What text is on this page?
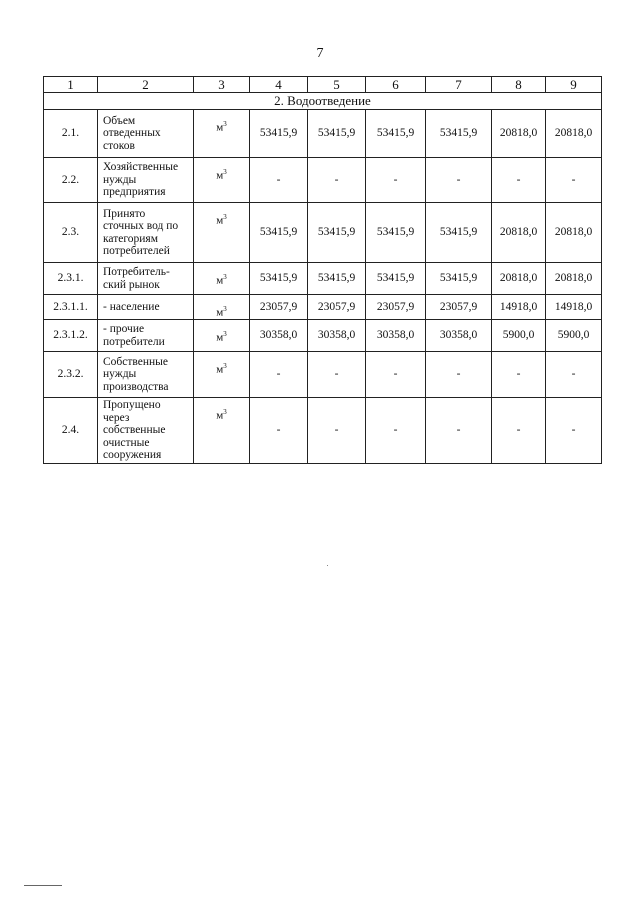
7
1	2	3	4	5	6	7	8	9
2. Водоотведение								
2.1.	Объем
отведенных
стоков	$м^3$	53415,9	53415,9	53415,9	53415,9	20818,0	20818,0
2.2.	Хозяйственные
нужды
предприятия	$м^3$	-	-	-	-	-	-
2.3.	Принято
сточных вод по
категориям
потребителей	$м^3$	53415,9	53415,9	53415,9	53415,9	20818,0	20818,0
2.3.1.	Потребитель-
ский рынок	$м^3$	53415,9	53415,9	53415,9	53415,9	20818,0	20818,0
2.3.1.1.	- население	$м^3$	23057,9	23057,9	23057,9	23057,9	14918,0	14918,0
2.3.1.2.	- прочие
потребители	$м^3$	30358,0	30358,0	30358,0	30358,0	5900,0	5900,0
2.3.2.	Собственные
нужды
производства	$м^3$	-	-	-	-	-	-
2.4.	Пропущено
через
собственные
очистные
сооружения	$м^3$	-	-	-	-	-	-
